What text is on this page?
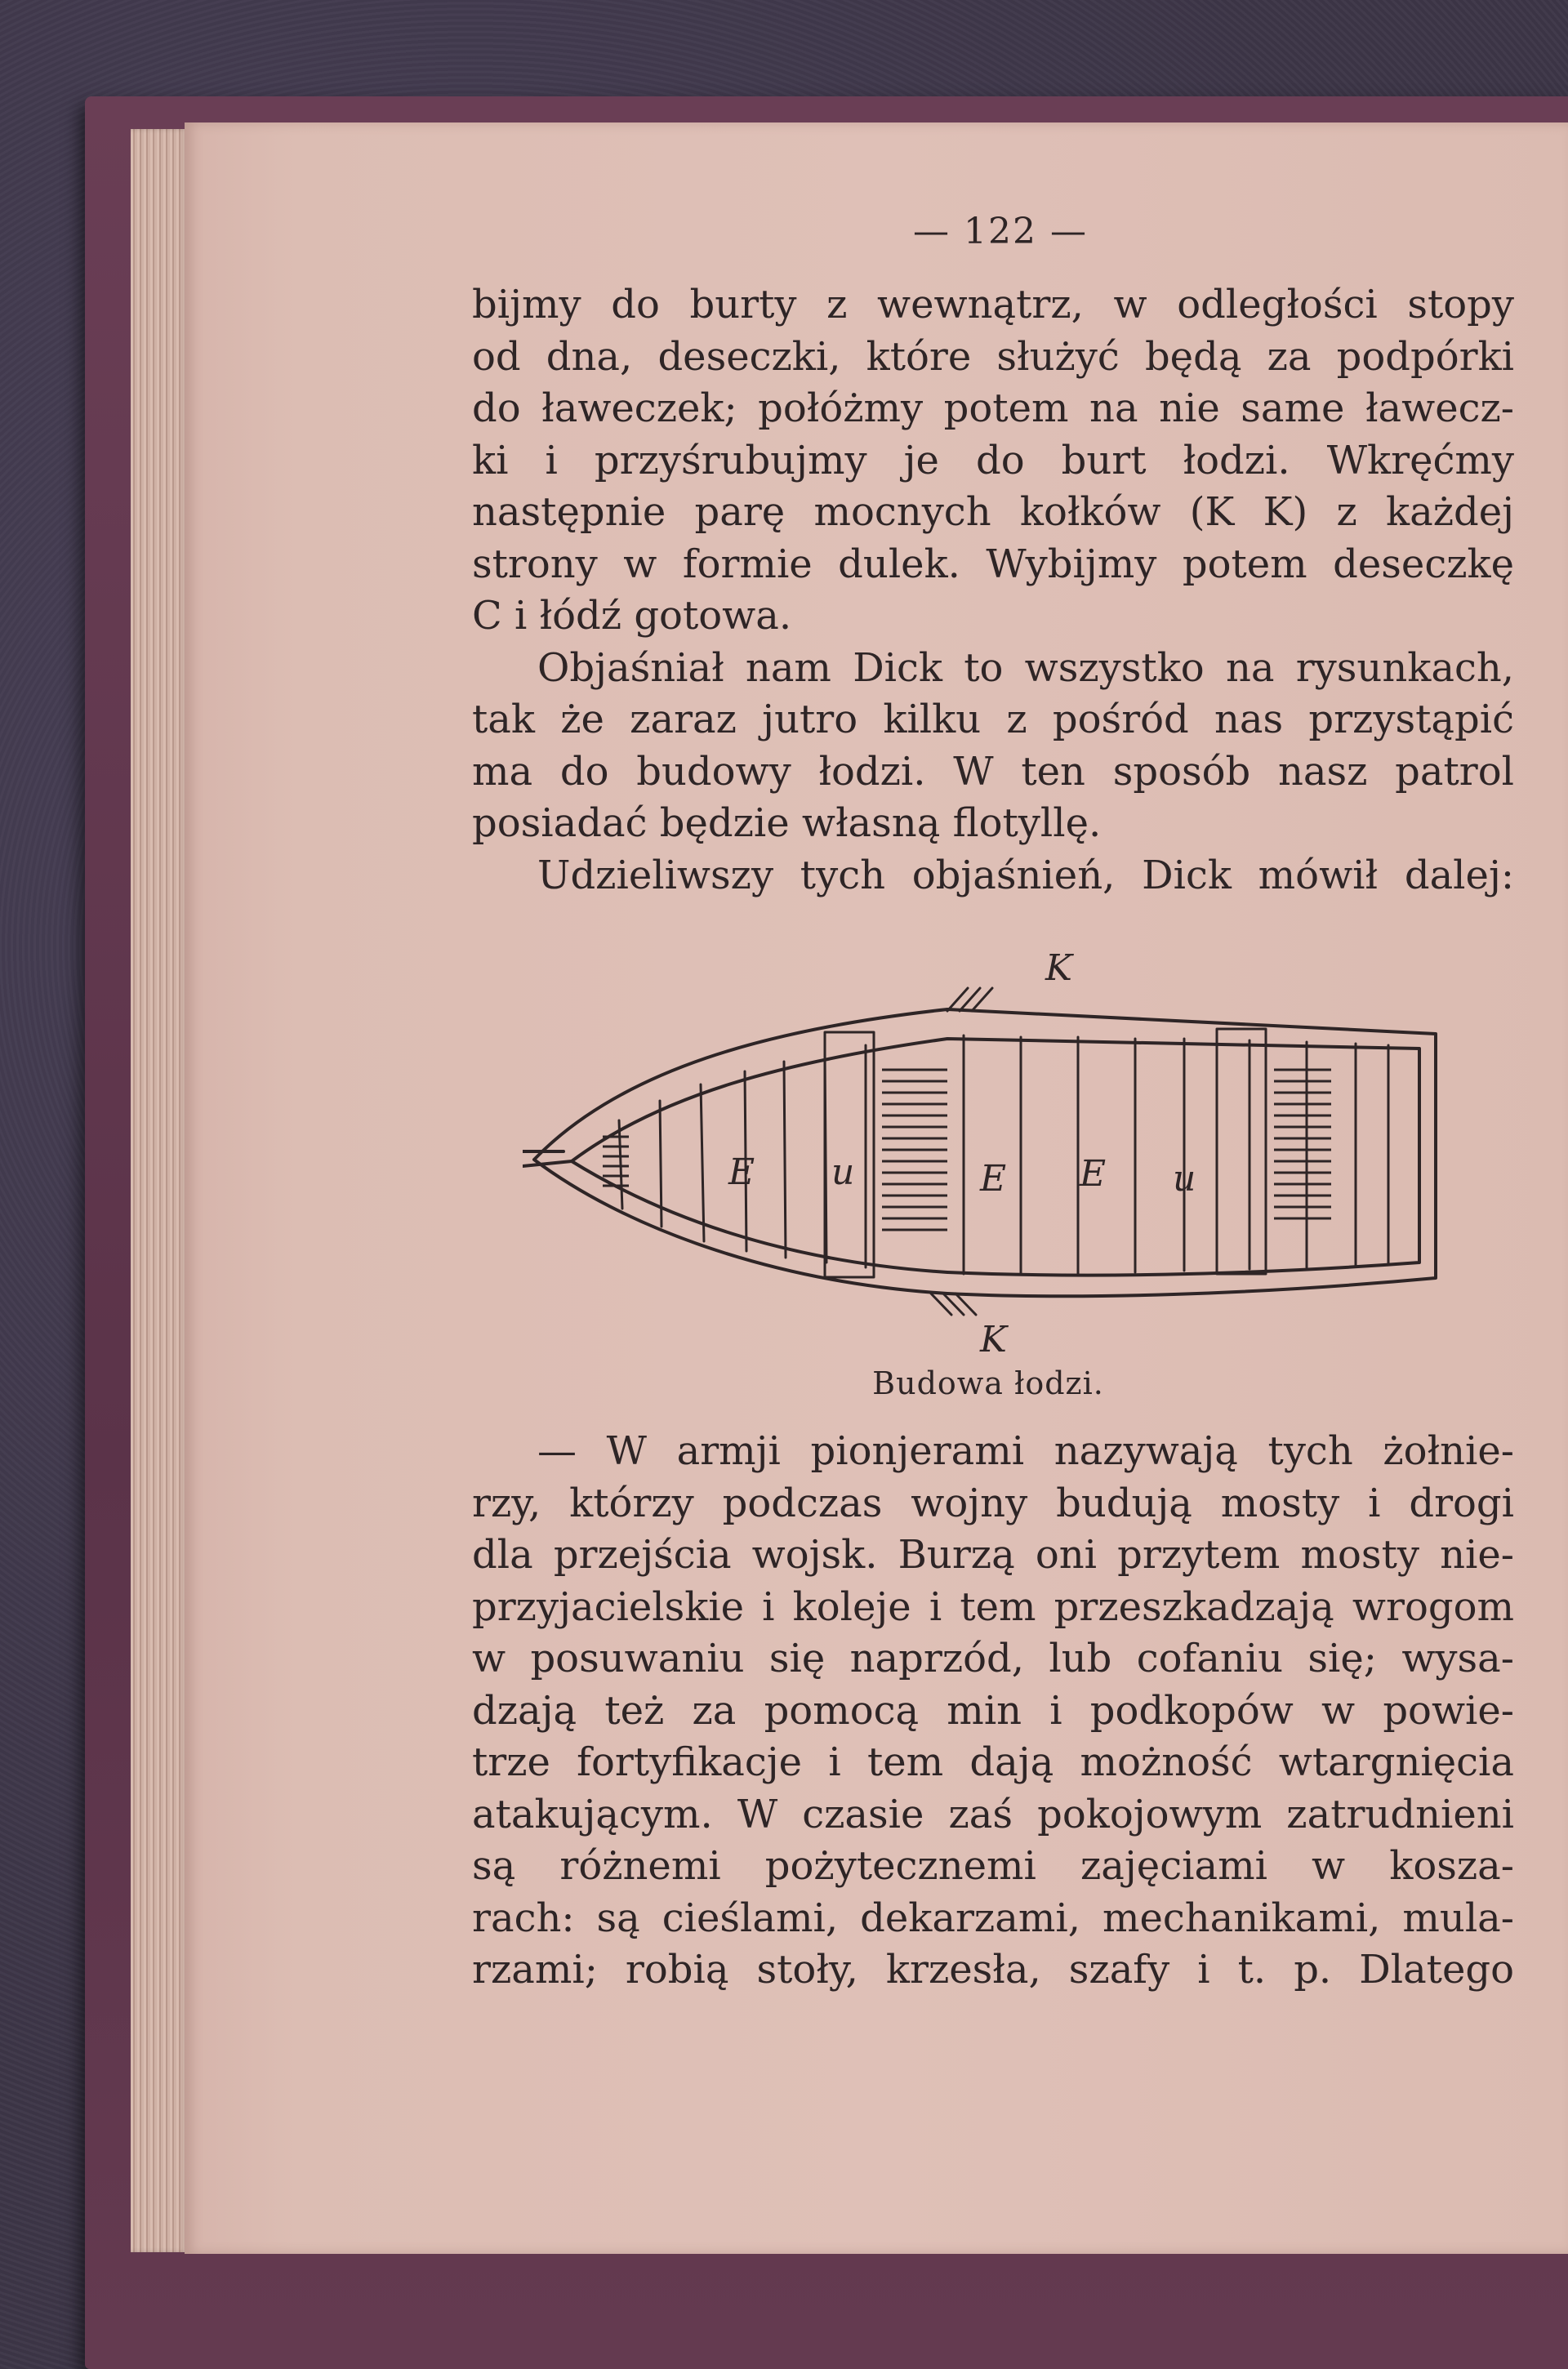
— 122 —
bijmy do burty z wewnątrz, w odległości stopy
od dna, deseczki, które służyć będą za podpórki
do ławeczek; połóżmy potem na nie same ławecz-
ki i przyśrubujmy je do burt łodzi. Wkręćmy
następnie parę mocnych kołków (K K) z każdej
strony w formie dulek. Wybijmy potem deseczkę
C i łódź gotowa.
Objaśniał nam Dick to wszystko na rysunkach,
tak że zaraz jutro kilku z pośród nas przystąpić
ma do budowy łodzi. W ten sposób nasz patrol
posiadać będzie własną flotyllę.
Udzieliwszy tych objaśnień, Dick mówił dalej:
K
K
E u	E E u
Budowa łodzi.
— W armji pionjerami nazywają tych żołnie-
rzy, którzy podczas wojny budują mosty i drogi
dla przejścia wojsk. Burzą oni przytem mosty nie-
przyjacielskie i koleje i tem przeszkadzają wrogom
w posuwaniu się naprzód, lub cofaniu się; wysa-
dzają też za pomocą min i podkopów w powie-
trze fortyfikacje i tem dają możność wtargnięcia
atakującym. W czasie zaś pokojowym zatrudnieni
są różnemi pożytecznemi zajęciami w kosza-
rach: są cieślami, dekarzami, mechanikami, mula-
rzami; robią stoły, krzesła, szafy i t. p. Dlatego
